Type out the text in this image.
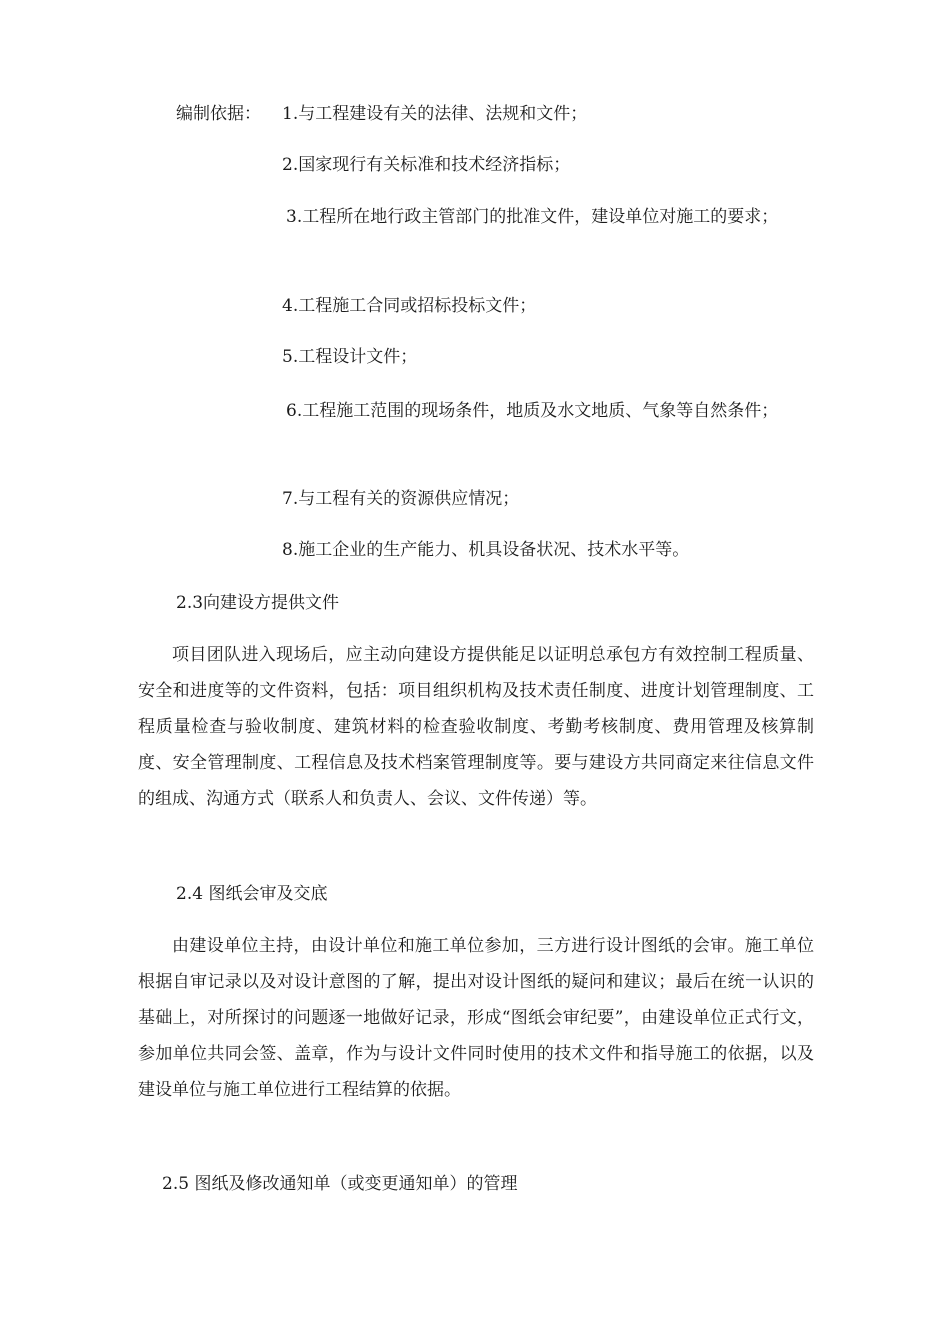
编制依据： 1.与工程建设有关的法律、法规和文件；
2.国家现行有关标准和技术经济指标；

3.工程所在地行政主管部门的批准文件，建设单位对施工的要求；

4.工程施工合同或招标投标文件；
5.工程设计文件；

6.工程施工范围的现场条件，地质及水文地质、气象等自然条件；

7.与工程有关的资源供应情况；
8.施工企业的生产能力、机具设备状况、技术水平等。
2.3向建设方提供文件

项目团队进入现场后，应主动向建设方提供能足以证明总承包方有效控制工程质量、安全和进度等的文件资料，包括：项目组织机构及技术责任制度、进度计划管理制度、工程质量检查与验收制度、建筑材料的检查验收制度、考勤考核制度、费用管理及核算制度、安全管理制度、工程信息及技术档案管理制度等。要与建设方共同商定来往信息文件的组成、沟通方式（联系人和负责人、会议、文件传递）等。

2.4 图纸会审及交底

由建设单位主持，由设计单位和施工单位参加，三方进行设计图纸的会审。施工单位根据自审记录以及对设计意图的了解，提出对设计图纸的疑问和建议；最后在统一认识的基础上，对所探讨的问题逐一地做好记录，形成“图纸会审纪要”，由建设单位正式行文，参加单位共同会签、盖章，作为与设计文件同时使用的技术文件和指导施工的依据，以及建设单位与施工单位进行工程结算的依据。

2.5 图纸及修改通知单（或变更通知单）的管理
